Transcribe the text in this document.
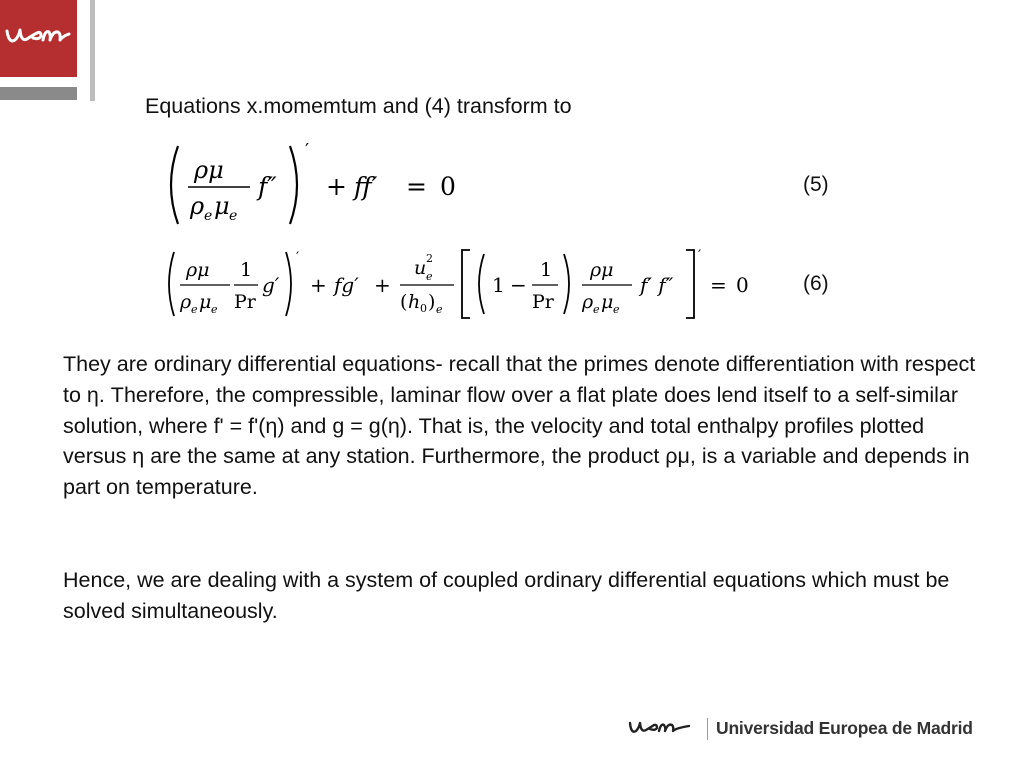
Equations x.momemtum and (4) transform to

ρμ
ρ e μ e
f″
′
+ ff′ = 0	(5)
ρμ
ρ e μ e
1
Pr
g′
′
+ fg′ +
u 2
e
( h 0 ) e
1 −
1
Pr
ρμ
ρ e μ e
f′ f″
′
= 0	(6)

They are ordinary differential equations- recall that the primes denote differentiation with respect to η. Therefore, the compressible, laminar flow over a flat plate does lend itself to a self-similar solution, where f' = f'(η) and g = g(η). That is, the velocity and total enthalpy profiles plotted versus η are the same at any station. Furthermore, the product ρμ, is a variable and depends in part on temperature.

Hence, we are dealing with a system of coupled ordinary differential equations which must be solved simultaneously.

Universidad Europea de Madrid
